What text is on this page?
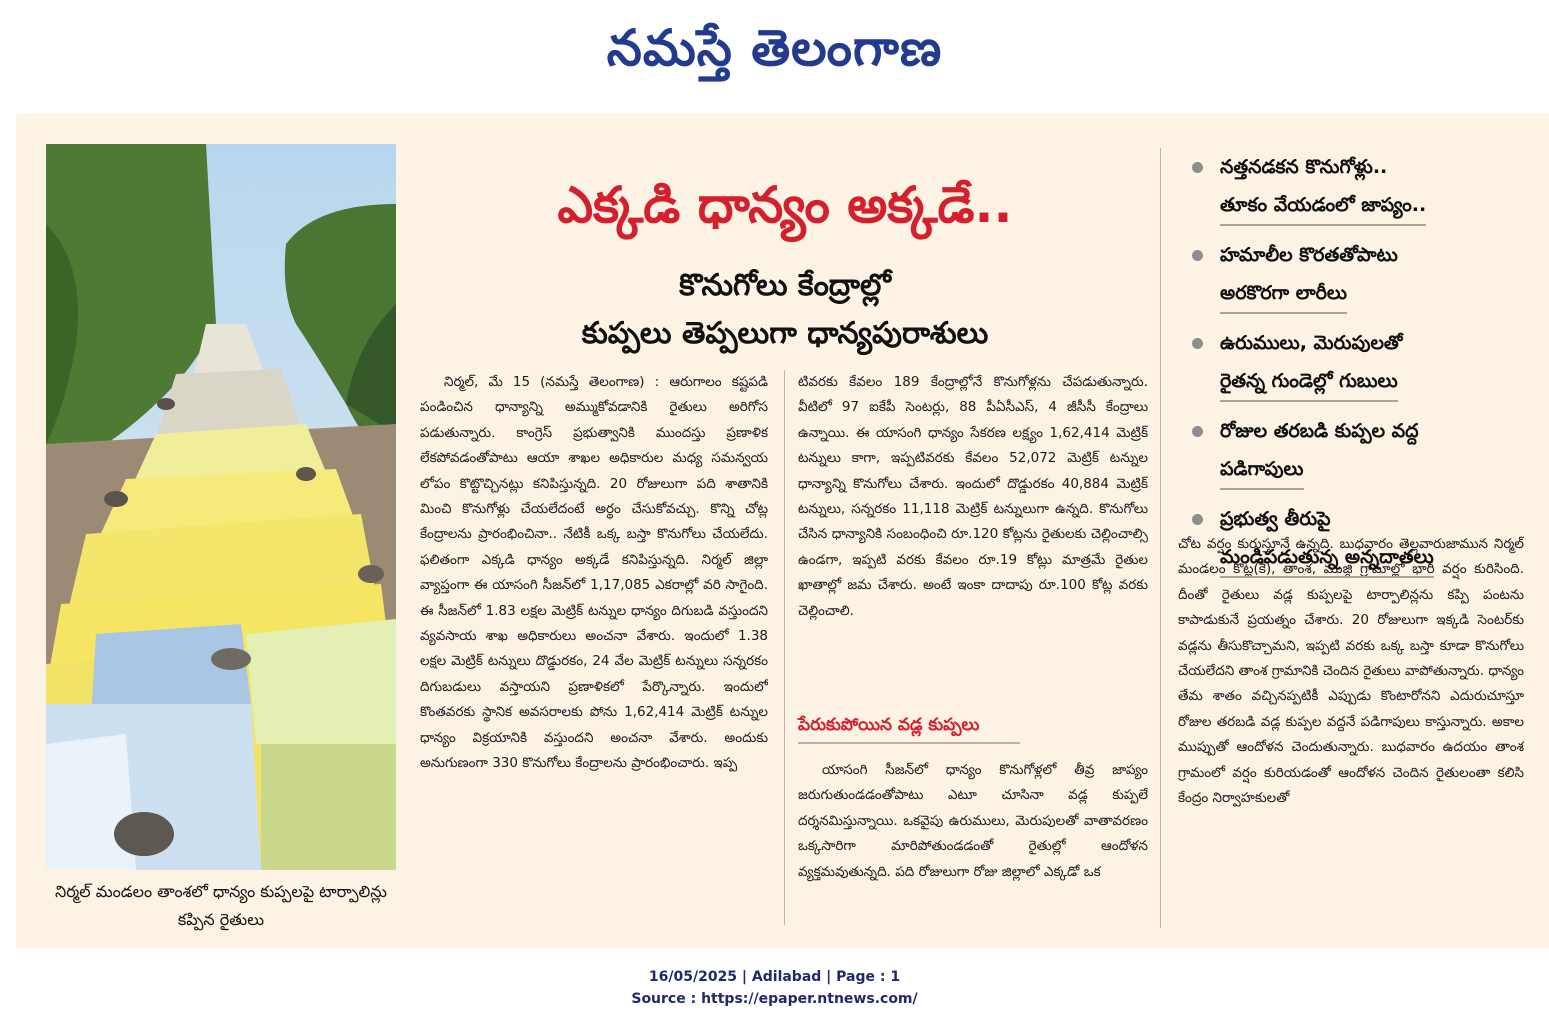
నమస్తే తెలంగాణ
నిర్మల్ మండలం తాంశలో ధాన్యం కుప్పలపై టార్పాలిన్లు కప్పిన రైతులు
ఎక్కడి ధాన్యం అక్కడే..
కొనుగోలు కేంద్రాల్లో
కుప్పలు తెప్పలుగా ధాన్యపురాశులు

నిర్మల్, మే 15 (నమస్తే తెలంగాణ) : ఆరుగాలం కష్టపడి పండించిన ధాన్యాన్ని అమ్ముకోవడానికి రైతులు అరిగోస పడుతున్నారు. కాంగ్రెస్ ప్రభుత్వానికి ముందస్తు ప్రణాళిక లేకపోవడంతోపాటు ఆయా శాఖల అధికారుల మధ్య సమన్వయ లోపం కొట్టొచ్చినట్లు కనిపిస్తున్నది. 20 రోజులుగా పది శాతానికి మించి కొనుగోళ్లు చేయలేదంటే అర్థం చేసుకోవచ్చు. కొన్ని చోట్ల కేంద్రాలను ప్రారంభించినా.. నేటికీ ఒక్క బస్తా కొనుగోలు చేయలేదు. ఫలితంగా ఎక్కడి ధాన్యం అక్కడే కనిపిస్తున్నది. నిర్మల్ జిల్లా వ్యాప్తంగా ఈ యాసంగి సీజన్‌లో 1,17,085 ఎకరాల్లో వరి సాగైంది. ఈ సీజన్‌లో 1.83 లక్షల మెట్రిక్ టన్నుల ధాన్యం దిగుబడి వస్తుందని వ్యవసాయ శాఖ అధికారులు అంచనా వేశారు. ఇందులో 1.38 లక్షల మెట్రిక్ టన్నులు దొడ్డురకం, 24 వేల మెట్రిక్ టన్నులు సన్నరకం దిగుబడులు వస్తాయని ప్రణాళికలో పేర్కొన్నారు. ఇందులో కొంతవరకు స్థానిక అవసరాలకు పోను 1,62,414 మెట్రిక్ టన్నుల ధాన్యం విక్రయానికి వస్తుందని అంచనా వేశారు. అందుకు అనుగుణంగా 330 కొనుగోలు కేంద్రాలను ప్రారంభించారు. ఇప్ప

టివరకు కేవలం 189 కేంద్రాల్లోనే కొనుగోళ్లను చేపడుతున్నారు. వీటిలో 97 ఐకేపీ సెంటర్లు, 88 పీఏసీఎస్, 4 జీసీసీ కేంద్రాలు ఉన్నాయి. ఈ యాసంగి ధాన్యం సేకరణ లక్ష్యం 1,62,414 మెట్రిక్ టన్నులు కాగా, ఇప్పటివరకు కేవలం 52,072 మెట్రిక్ టన్నుల ధాన్యాన్ని కొనుగోలు చేశారు. ఇందులో దొడ్డురకం 40,884 మెట్రిక్ టన్నులు, సన్నరకం 11,118 మెట్రిక్ టన్నులుగా ఉన్నది. కొనుగోలు చేసిన ధాన్యానికి సంబంధించి రూ.120 కోట్లను రైతులకు చెల్లించాల్సి ఉండగా, ఇప్పటి వరకు కేవలం రూ.19 కోట్లు మాత్రమే రైతుల ఖాతాల్లో జమ చేశారు. అంటే ఇంకా దాదాపు రూ.100 కోట్ల వరకు చెల్లించాలి.

పేరుకుపోయిన వడ్ల కుప్పలు

యాసంగి సీజన్‌లో ధాన్యం కొనుగోళ్లలో తీవ్ర జాప్యం జరుగుతుండడంతోపాటు ఎటూ చూసినా వడ్ల కుప్పలే దర్శనమిస్తున్నాయి. ఒకవైపు ఉరుములు, మెరుపులతో వాతావరణం ఒక్కసారిగా మారిపోతుండడంతో రైతుల్లో ఆందోళన వ్యక్తమవుతున్నది. పది రోజులుగా రోజు జిల్లాలో ఎక్కడో ఒక

చోట వర్షం కురుస్తూనే ఉన్నది. బుధవారం తెల్లవారుజామున నిర్మల్ మండలం కొట్ల(కే), తాంశ, ముజ్గి గ్రామాల్లో భారీ వర్షం కురిసింది. దీంతో రైతులు వడ్ల కుప్పలపై టార్పాలిన్లను కప్పి పంటను కాపాడుకునే ప్రయత్నం చేశారు. 20 రోజులుగా ఇక్కడి సెంటర్‌కు వడ్లను తీసుకొచ్చామని, ఇప్పటి వరకు ఒక్క బస్తా కూడా కొనుగోలు చేయలేదని తాంశ గ్రామానికి చెందిన రైతులు వాపోతున్నారు. ధాన్యం తేమ శాతం వచ్చినప్పటికీ ఎప్పుడు కొంటారోనని ఎదురుచూస్తూ రోజుల తరబడి వడ్ల కుప్పల వద్దనే పడిగాపులు కాస్తున్నారు. అకాల ముప్పుతో ఆందోళన చెందుతున్నారు. బుధవారం ఉదయం తాంశ గ్రామంలో వర్షం కురియడంతో ఆందోళన చెందిన రైతులంతా కలిసి కేంద్రం నిర్వాహకులతో

నత్తనడకన కొనుగోళ్లు..
తూకం వేయడంలో జాప్యం..
హమాలీల కొరతతోపాటు
అరకొరగా లారీలు
ఉరుములు, మెరుపులతో
రైతన్న గుండెల్లో గుబులు
రోజుల తరబడి కుప్పల వద్ద
పడిగాపులు
ప్రభుత్వ తీరుపై
మండిపడుతున్న అన్నదాతలు
16/05/2025 | Adilabad | Page : 1
Source : https://epaper.ntnews.com/
